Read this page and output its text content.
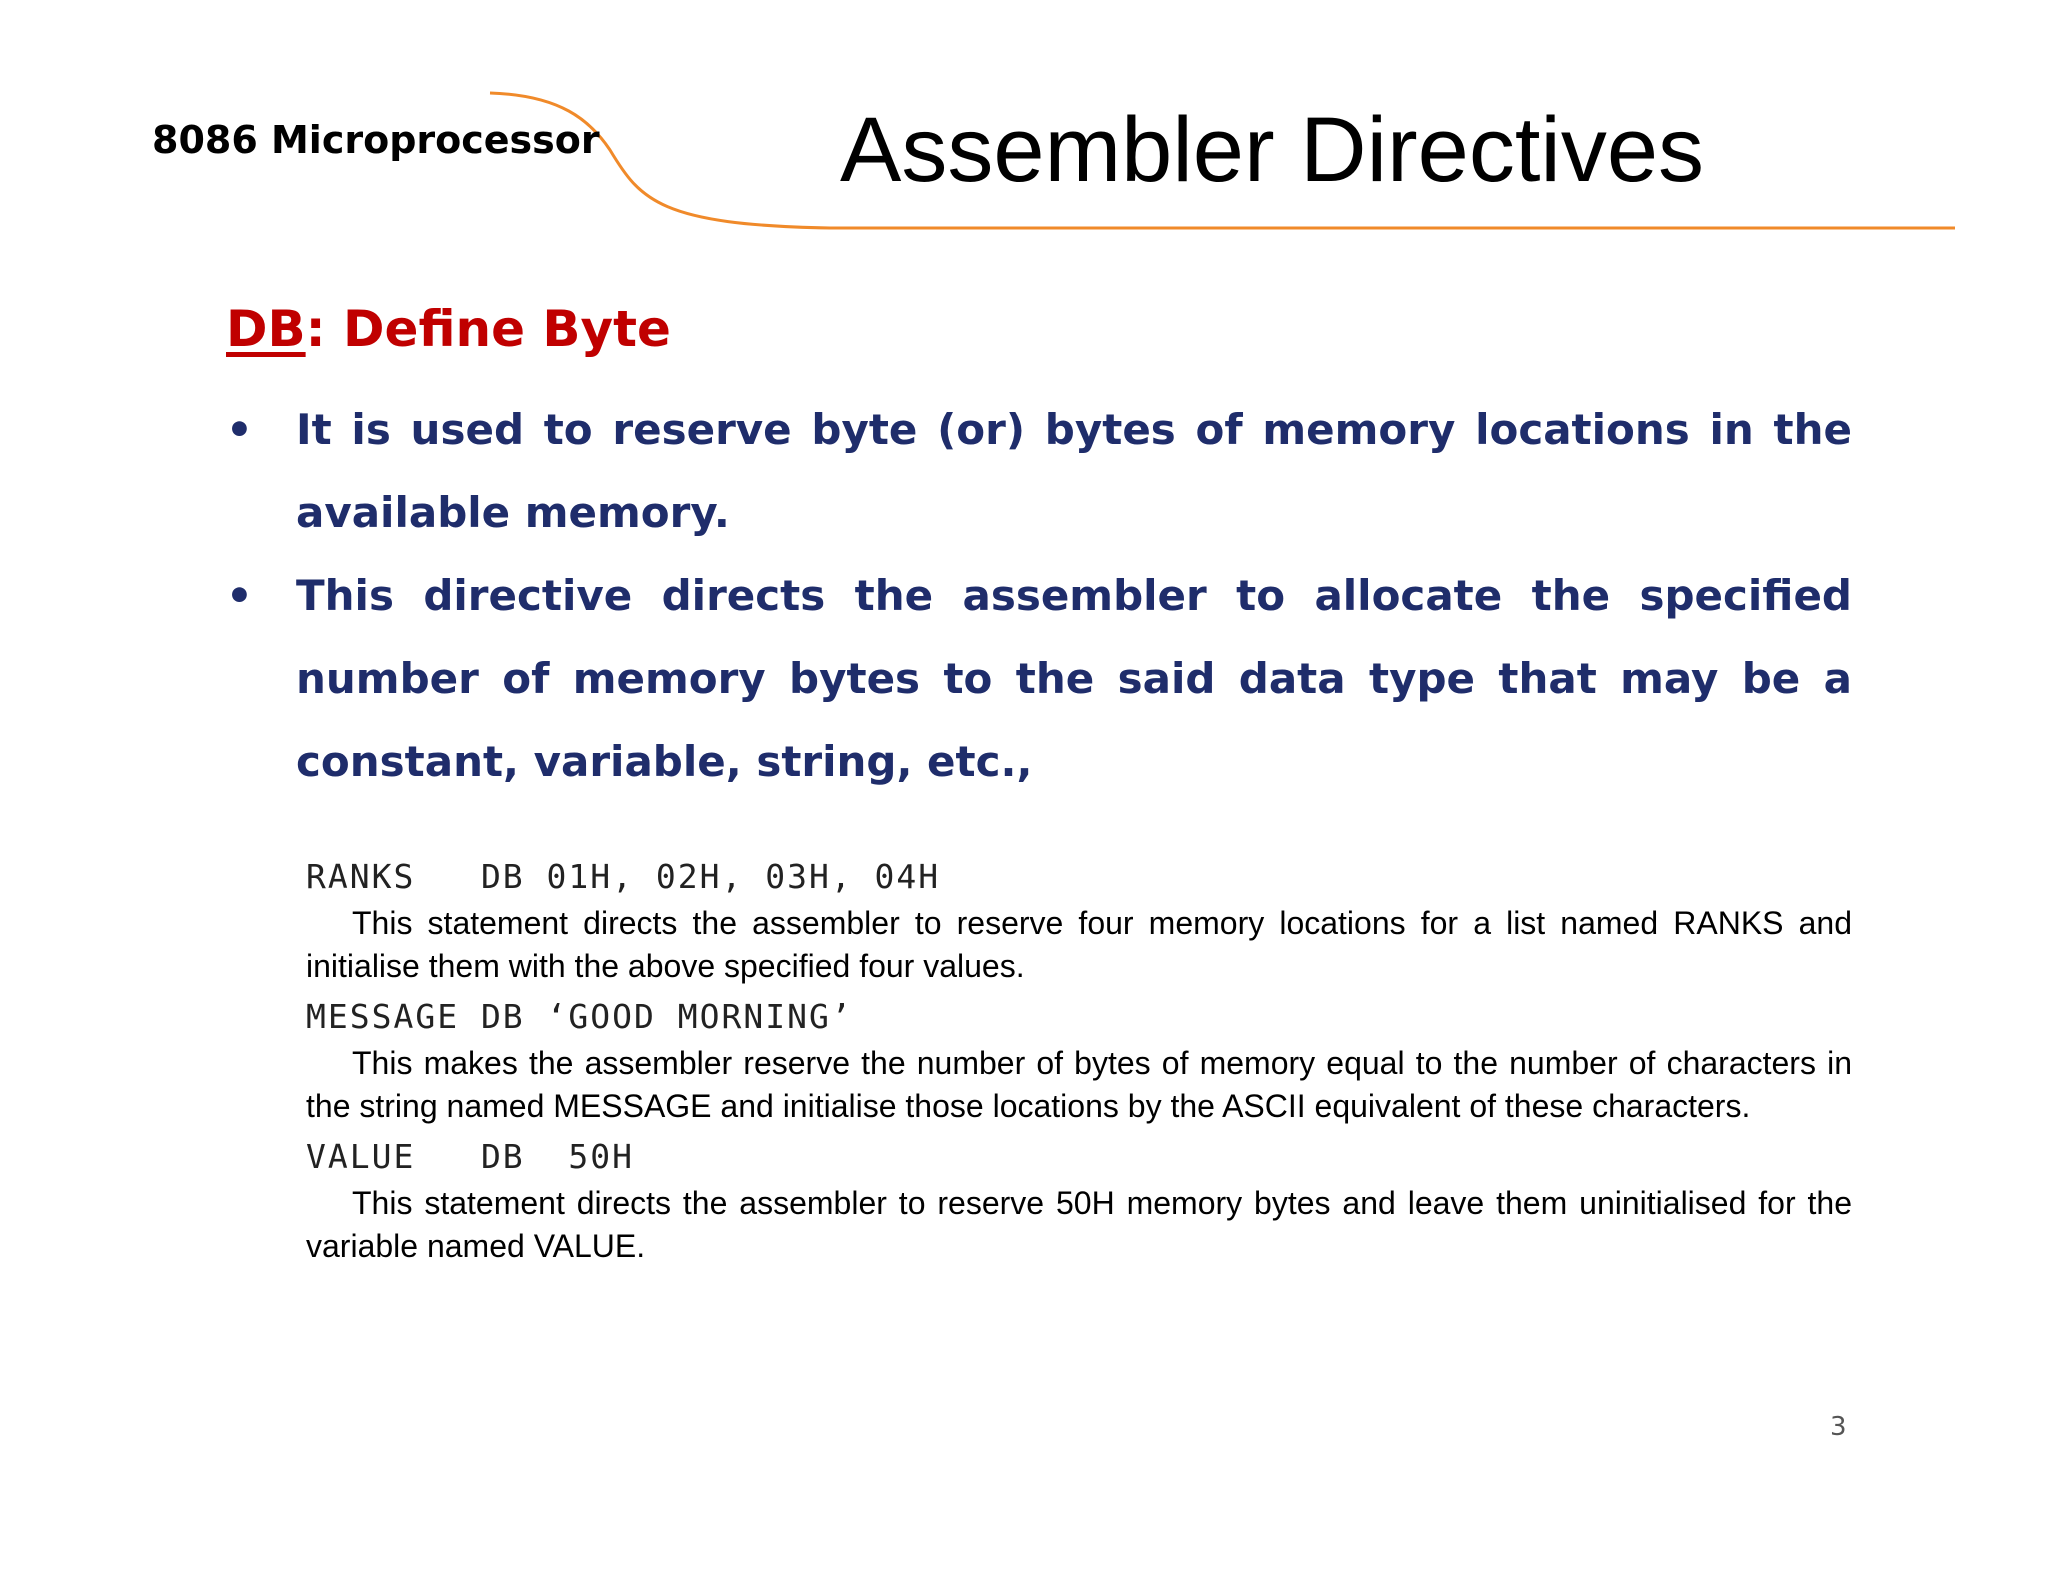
8086 Microprocessor	Assembler Directives
DB: Define Byte
• It is used to reserve byte (or) bytes of memory locations in the available memory.
• This directive directs the assembler to allocate the specified number of memory bytes to the said data type that may be a constant, variable, string, etc.,
RANKS   DB 01H, 02H, 03H, 04H
This statement directs the assembler to reserve four memory locations for a list named RANKS and initialise them with the above specified four values.
MESSAGE DB ‘GOOD MORNING’
This makes the assembler reserve the number of bytes of memory equal to the number of characters in the string named MESSAGE and initialise those locations by the ASCII equivalent of these characters.
VALUE   DB  50H
This statement directs the assembler to reserve 50H memory bytes and leave them uninitialised for the variable named VALUE.
3
